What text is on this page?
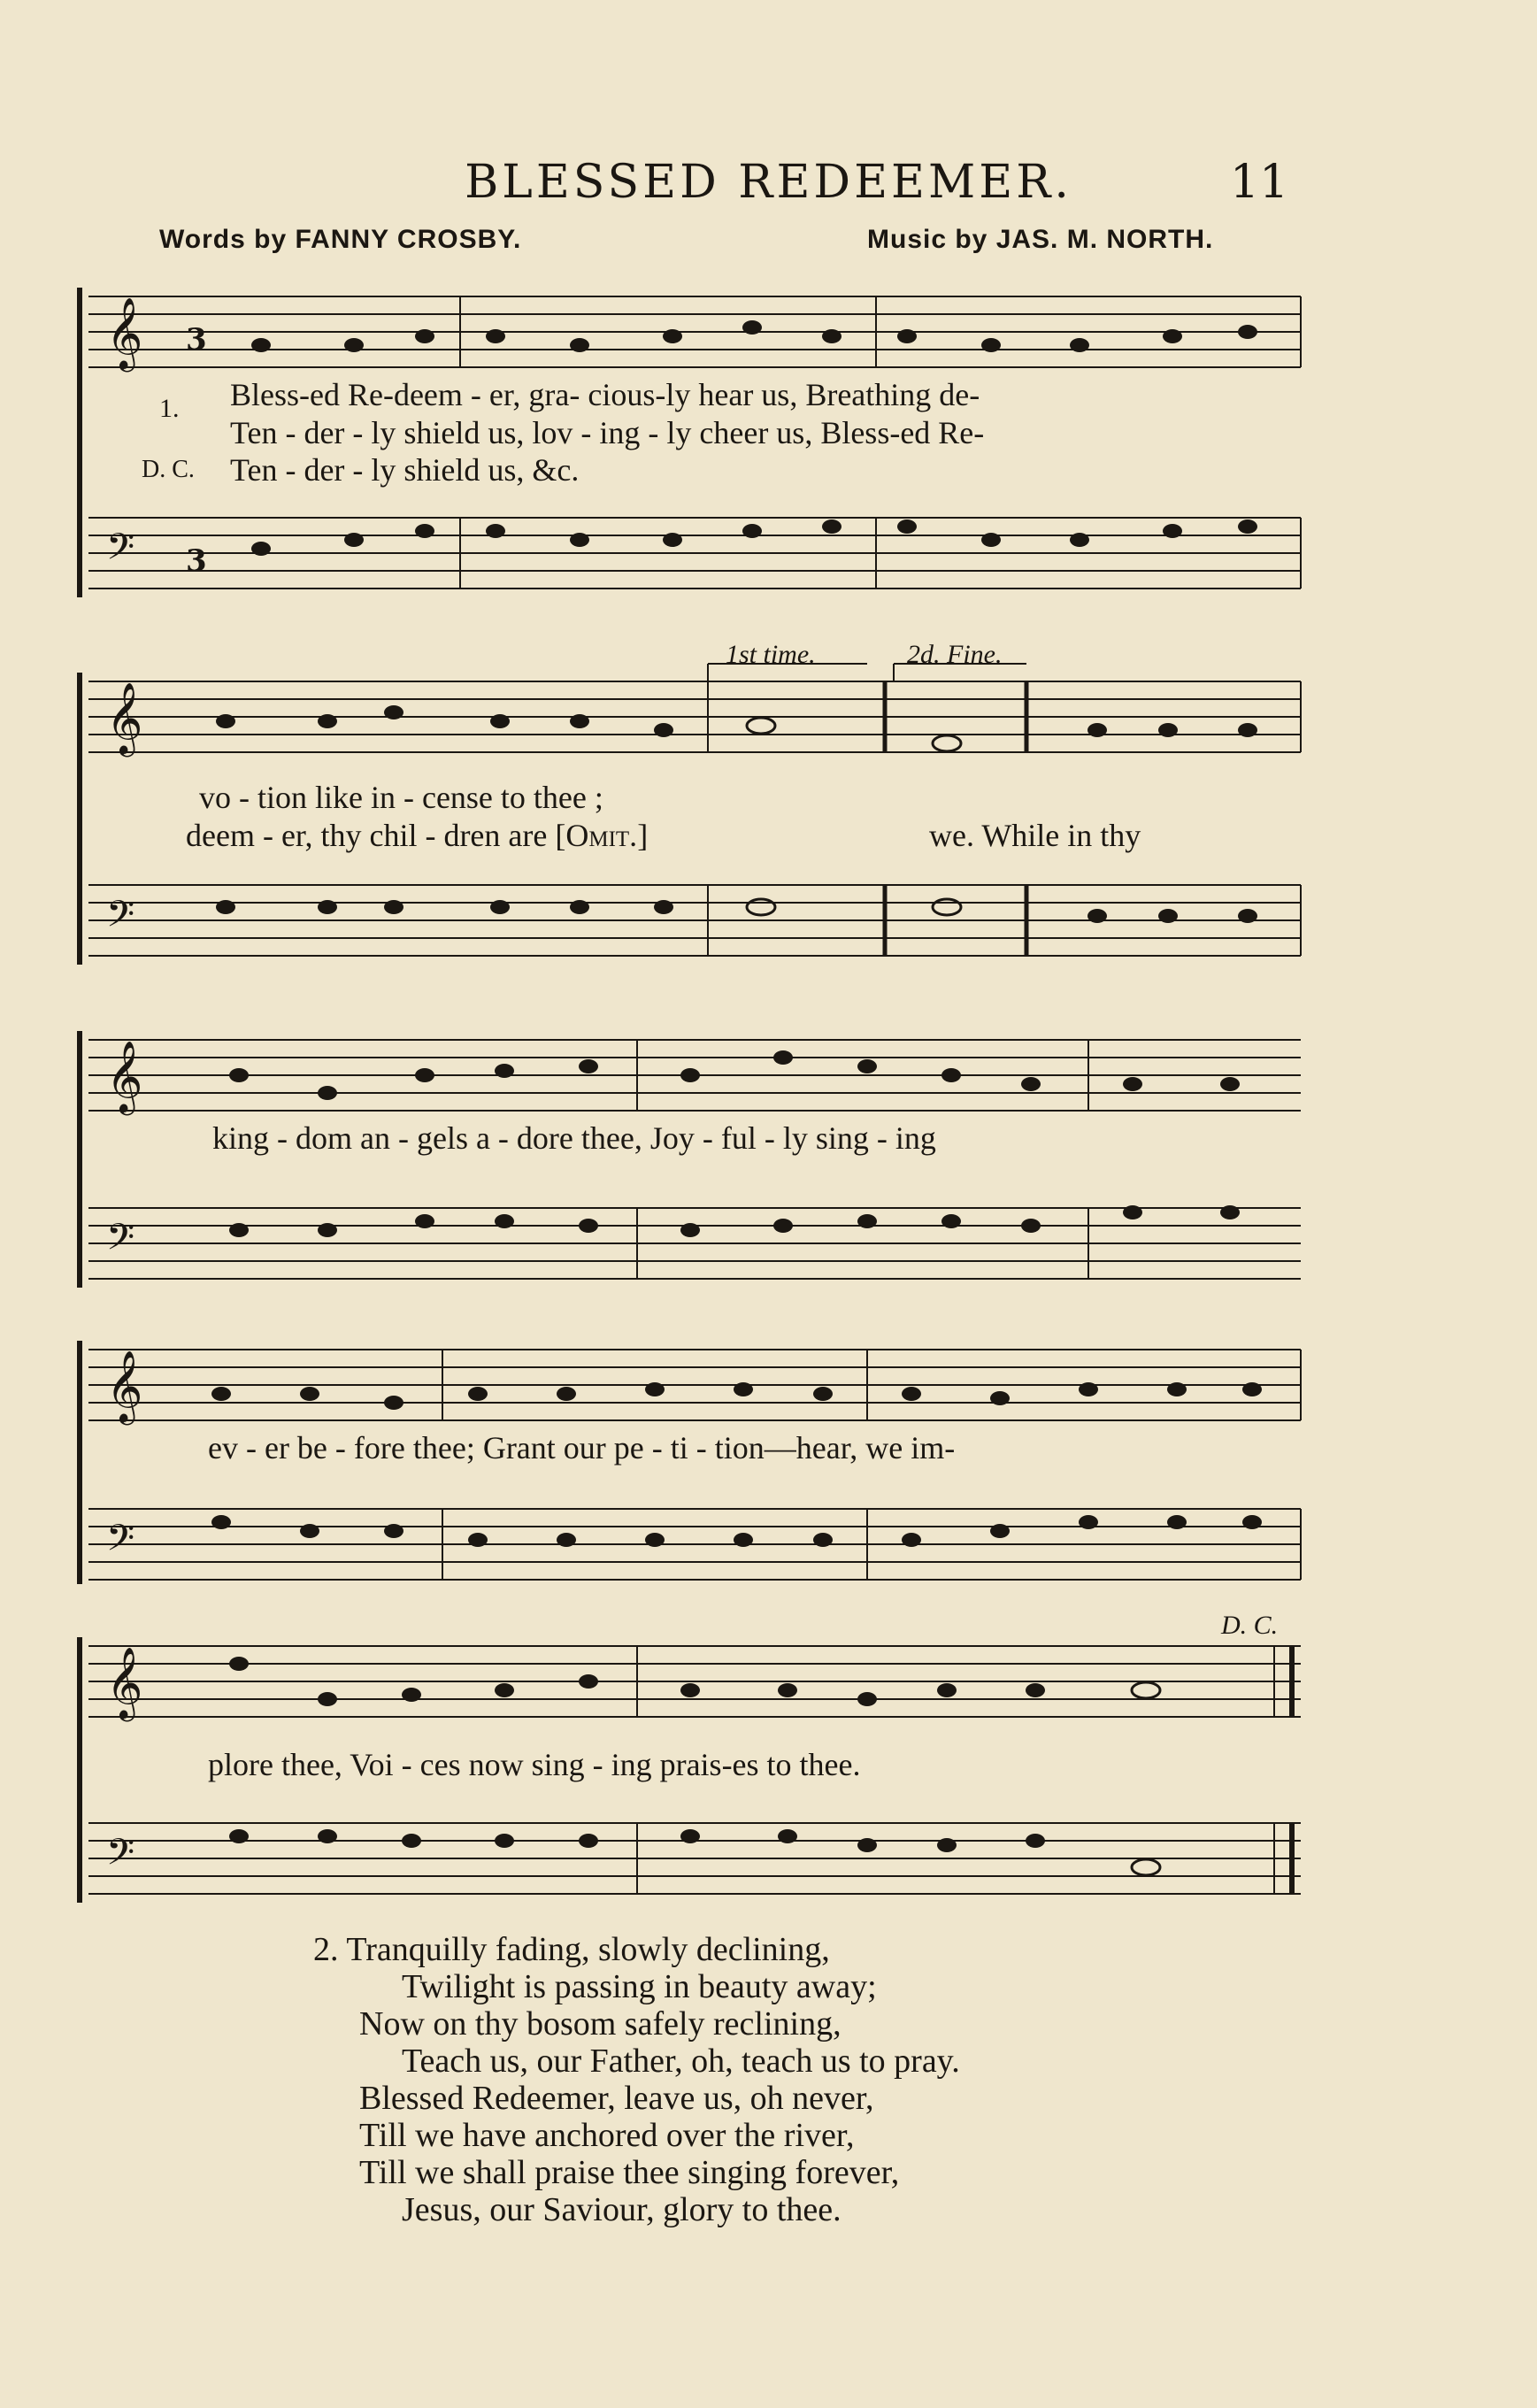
BLESSED REDEEMER.	11
Words by FANNY CROSBY.	Music by JAS. M. NORTH.
𝄞
𝄢
3
3
1. Bless-ed Re-deem - er, gra- cious-ly hear us, Breathing de-
Ten - der - ly shield us, lov - ing - ly cheer us, Bless-ed Re-
D. C. Ten - der - ly shield us, &c.
𝄞
𝄢
1st time.	2d. Fine.
vo - tion like in - cense to thee ;
deem - er, thy chil - dren are [Omit.]	we. While in thy
𝄞
𝄢
king - dom an - gels a - dore thee, Joy - ful - ly sing - ing
𝄞
𝄢
ev - er be - fore thee; Grant our pe - ti - tion—hear, we im-
𝄞
𝄢
D. C.
plore thee, Voi - ces now sing - ing prais-es to thee.
2. Tranquilly fading, slowly declining,
Twilight is passing in beauty away;
Now on thy bosom safely reclining,
Teach us, our Father, oh, teach us to pray.
Blessed Redeemer, leave us, oh never,
Till we have anchored over the river,
Till we shall praise thee singing forever,
Jesus, our Saviour, glory to thee.
